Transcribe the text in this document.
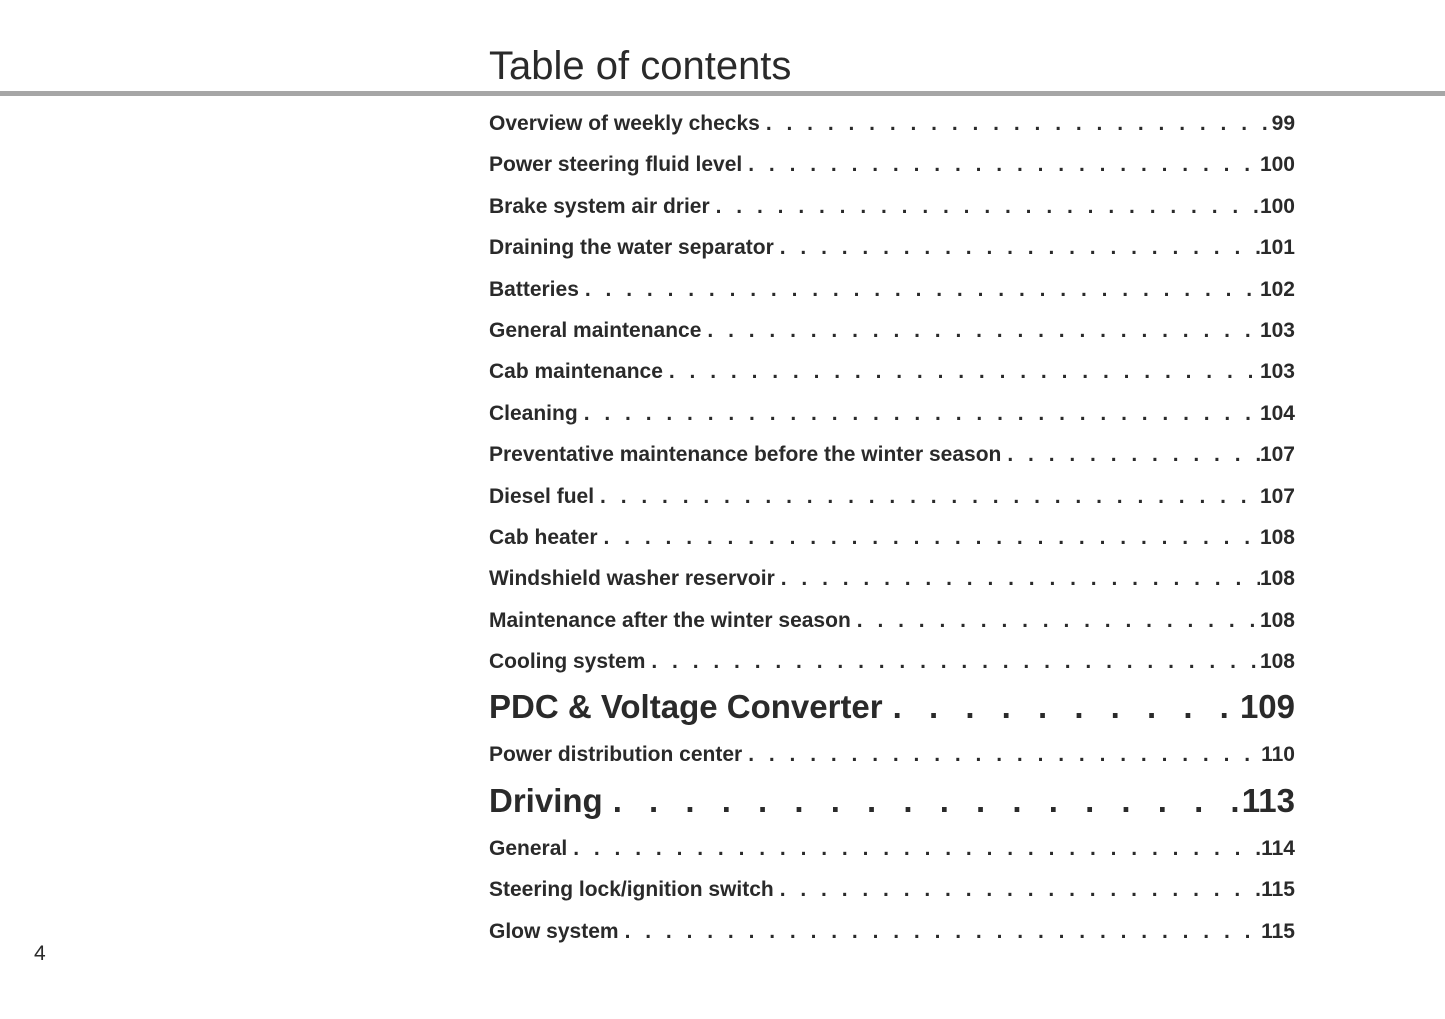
Table of contents
Overview of weekly checks . . .	99
Power steering fluid level . . .	100
Brake system air drier . . .	100
Draining the water separator . . .	101
Batteries . . .	102
General maintenance . . .	103
Cab maintenance . . .	103
Cleaning . . .	104
Preventative maintenance before the winter season . . .	107
Diesel fuel . . .	107
Cab heater . . .	108
Windshield washer reservoir . . .	108
Maintenance after the winter season . . .	108
Cooling system . . .	108
PDC & Voltage Converter . . .	109
Power distribution center . . .	110
Driving . . .	113
General . . .	114
Steering lock/ignition switch . . .	115
Glow system . . .	115
4
